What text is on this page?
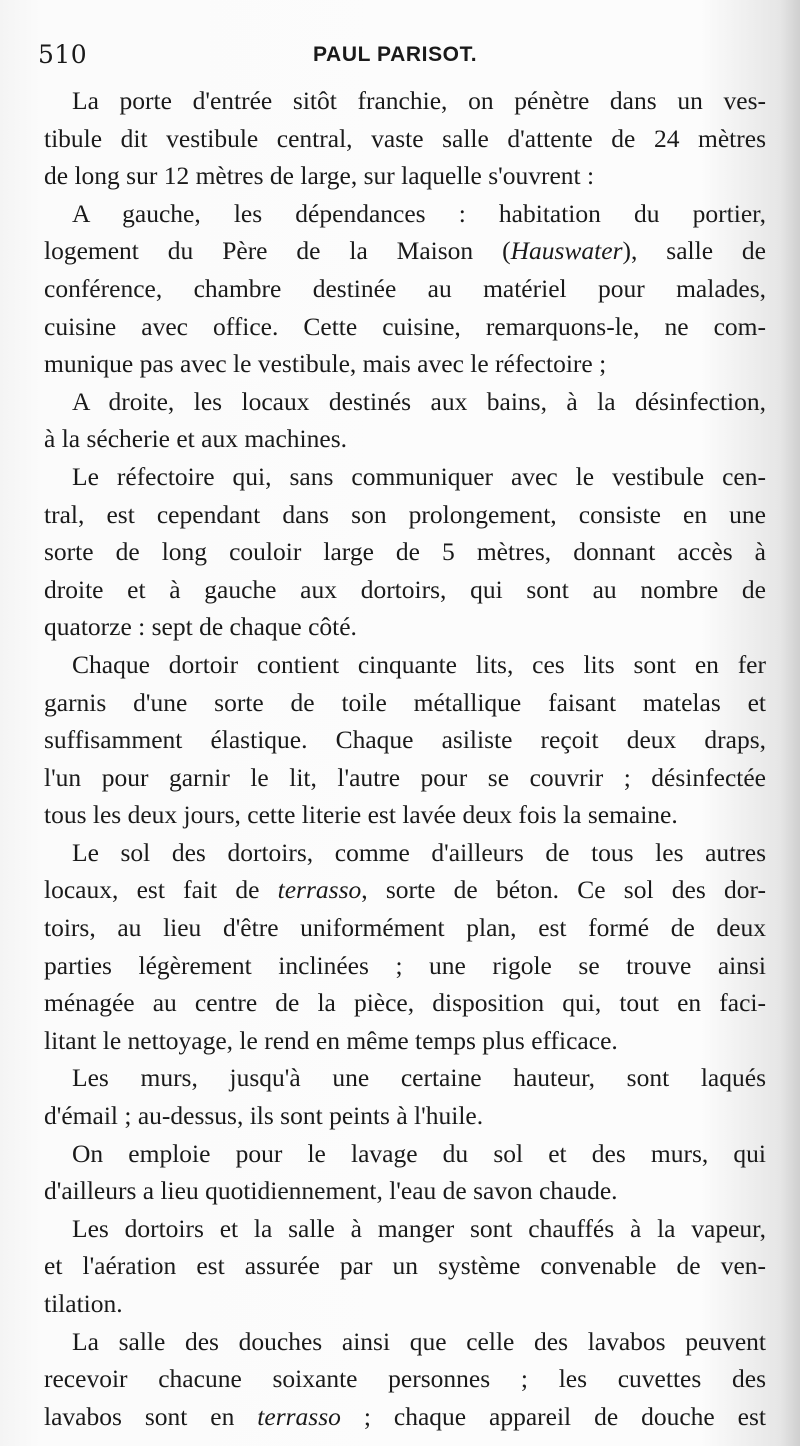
510	PAUL PARISOT.
La porte d'entrée sitôt franchie, on pénètre dans un ves-
tibule dit vestibule central, vaste salle d'attente de 24 mètres
de long sur 12 mètres de large, sur laquelle s'ouvrent :
A gauche, les dépendances : habitation du portier,
logement du Père de la Maison (Hauswater), salle de
conférence, chambre destinée au matériel pour malades,
cuisine avec office. Cette cuisine, remarquons-le, ne com-
munique pas avec le vestibule, mais avec le réfectoire ;
A droite, les locaux destinés aux bains, à la désinfection,
à la sécherie et aux machines.
Le réfectoire qui, sans communiquer avec le vestibule cen-
tral, est cependant dans son prolongement, consiste en une
sorte de long couloir large de 5 mètres, donnant accès à
droite et à gauche aux dortoirs, qui sont au nombre de
quatorze : sept de chaque côté.
Chaque dortoir contient cinquante lits, ces lits sont en fer
garnis d'une sorte de toile métallique faisant matelas et
suffisamment élastique. Chaque asiliste reçoit deux draps,
l'un pour garnir le lit, l'autre pour se couvrir ; désinfectée
tous les deux jours, cette literie est lavée deux fois la semaine.
Le sol des dortoirs, comme d'ailleurs de tous les autres
locaux, est fait de terrasso, sorte de béton. Ce sol des dor-
toirs, au lieu d'être uniformément plan, est formé de deux
parties légèrement inclinées ; une rigole se trouve ainsi
ménagée au centre de la pièce, disposition qui, tout en faci-
litant le nettoyage, le rend en même temps plus efficace.
Les murs, jusqu'à une certaine hauteur, sont laqués
d'émail ; au-dessus, ils sont peints à l'huile.
On emploie pour le lavage du sol et des murs, qui
d'ailleurs a lieu quotidiennement, l'eau de savon chaude.
Les dortoirs et la salle à manger sont chauffés à la vapeur,
et l'aération est assurée par un système convenable de ven-
tilation.
La salle des douches ainsi que celle des lavabos peuvent
recevoir chacune soixante personnes ; les cuvettes des
lavabos sont en terrasso ; chaque appareil de douche est
